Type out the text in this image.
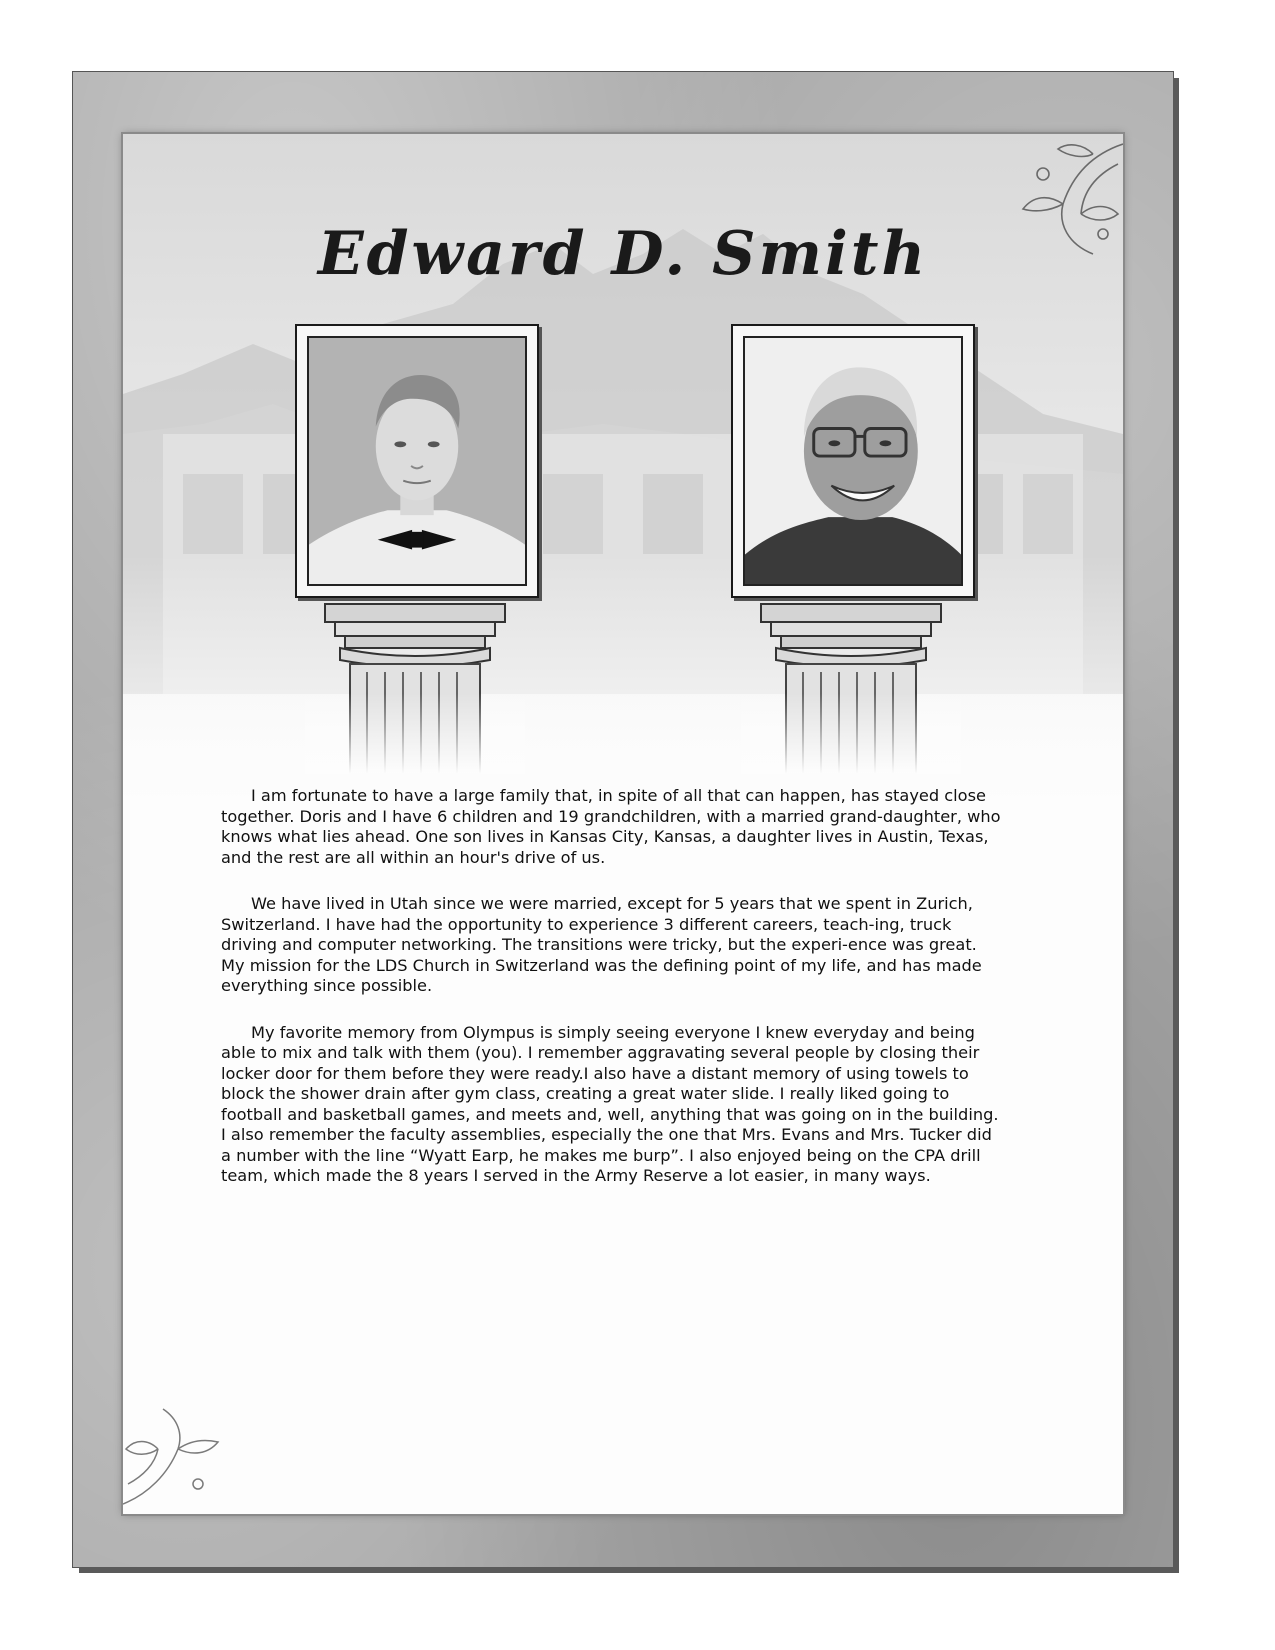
Edward D. Smith

I am fortunate to have a large family that, in spite of all that can happen, has stayed close together. Doris and I have 6 children and 19 grandchildren, with a married grand-daughter, who knows what lies ahead. One son lives in Kansas City, Kansas, a daughter lives in Austin, Texas, and the rest are all within an hour's drive of us.

We have lived in Utah since we were married, except for 5 years that we spent in Zurich, Switzerland. I have had the opportunity to experience 3 different careers, teach-ing, truck driving and computer networking. The transitions were tricky, but the experi-ence was great. My mission for the LDS Church in Switzerland was the defining point of my life, and has made everything since possible.

My favorite memory from Olympus is simply seeing everyone I knew everyday and being able to mix and talk with them (you). I remember aggravating several people by closing their locker door for them before they were ready.I also have a distant memory of using towels to block the shower drain after gym class, creating a great water slide. I really liked going to football and basketball games, and meets and, well, anything that was going on in the building. I also remember the faculty assemblies, especially the one that Mrs. Evans and Mrs. Tucker did a number with the line “Wyatt Earp, he makes me burp”. I also enjoyed being on the CPA drill team, which made the 8 years I served in the Army Reserve a lot easier, in many ways.
